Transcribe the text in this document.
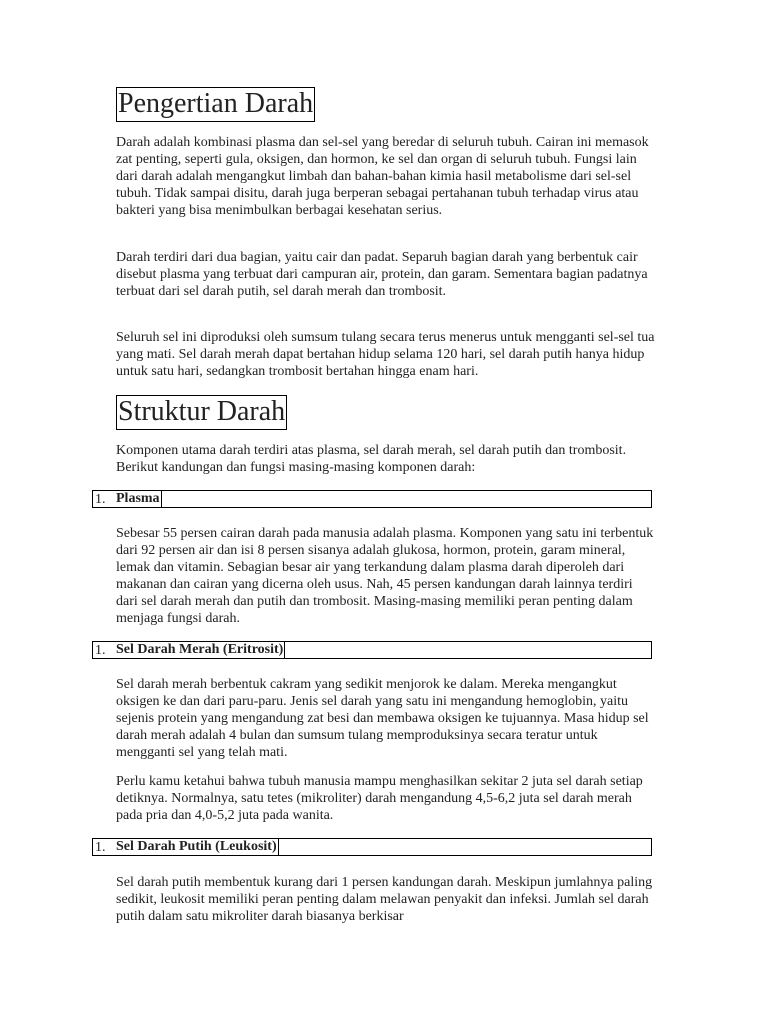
Pengertian Darah

Darah adalah kombinasi plasma dan sel-sel yang beredar di seluruh tubuh. Cairan ini memasok zat penting, seperti gula, oksigen, dan hormon, ke sel dan organ di seluruh tubuh. Fungsi lain dari darah adalah mengangkut limbah dan bahan-bahan kimia hasil metabolisme dari sel-sel tubuh. Tidak sampai disitu, darah juga berperan sebagai pertahanan tubuh terhadap virus atau bakteri yang bisa menimbulkan berbagai kesehatan serius.

Darah terdiri dari dua bagian, yaitu cair dan padat. Separuh bagian darah yang berbentuk cair disebut plasma yang terbuat dari campuran air, protein, dan garam. Sementara bagian padatnya terbuat dari sel darah putih, sel darah merah dan trombosit.

Seluruh sel ini diproduksi oleh sumsum tulang secara terus menerus untuk mengganti sel-sel tua yang mati. Sel darah merah dapat bertahan hidup selama 120 hari, sel darah putih hanya hidup untuk satu hari, sedangkan trombosit bertahan hingga enam hari.

Struktur Darah

Komponen utama darah terdiri atas plasma, sel darah merah, sel darah putih dan trombosit. Berikut kandungan dan fungsi masing-masing komponen darah:

1. Plasma

Sebesar 55 persen cairan darah pada manusia adalah plasma. Komponen yang satu ini terbentuk dari 92 persen air dan isi 8 persen sisanya adalah glukosa, hormon, protein, garam mineral, lemak dan vitamin. Sebagian besar air yang terkandung dalam plasma darah diperoleh dari makanan dan cairan yang dicerna oleh usus. Nah, 45 persen kandungan darah lainnya terdiri dari sel darah merah dan putih dan trombosit. Masing-masing memiliki peran penting dalam menjaga fungsi darah.

1. Sel Darah Merah (Eritrosit)

Sel darah merah berbentuk cakram yang sedikit menjorok ke dalam. Mereka mengangkut oksigen ke dan dari paru-paru. Jenis sel darah yang satu ini mengandung hemoglobin, yaitu sejenis protein yang mengandung zat besi dan membawa oksigen ke tujuannya. Masa hidup sel darah merah adalah 4 bulan dan sumsum tulang memproduksinya secara teratur untuk mengganti sel yang telah mati.

Perlu kamu ketahui bahwa tubuh manusia mampu menghasilkan sekitar 2 juta sel darah setiap detiknya. Normalnya, satu tetes (mikroliter) darah mengandung 4,5-6,2 juta sel darah merah pada pria dan 4,0-5,2 juta pada wanita.

1. Sel Darah Putih (Leukosit)

Sel darah putih membentuk kurang dari 1 persen kandungan darah. Meskipun jumlahnya paling sedikit, leukosit memiliki peran penting dalam melawan penyakit dan infeksi. Jumlah sel darah putih dalam satu mikroliter darah biasanya berkisar
